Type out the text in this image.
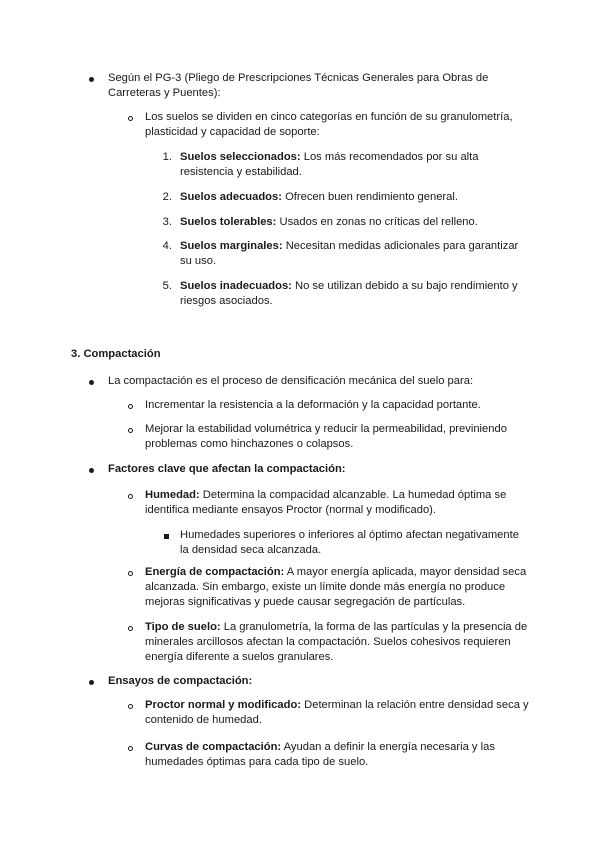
Según el PG-3 (Pliego de Prescripciones Técnicas Generales para Obras de Carreteras y Puentes):
Los suelos se dividen en cinco categorías en función de su granulometría, plasticidad y capacidad de soporte:
1. Suelos seleccionados: Los más recomendados por su alta resistencia y estabilidad.
2. Suelos adecuados: Ofrecen buen rendimiento general.
3. Suelos tolerables: Usados en zonas no críticas del relleno.
4. Suelos marginales: Necesitan medidas adicionales para garantizar su uso.
5. Suelos inadecuados: No se utilizan debido a su bajo rendimiento y riesgos asociados.
3. Compactación
La compactación es el proceso de densificación mecánica del suelo para:
Incrementar la resistencia a la deformación y la capacidad portante.
Mejorar la estabilidad volumétrica y reducir la permeabilidad, previniendo problemas como hinchazones o colapsos.
Factores clave que afectan la compactación:
Humedad: Determina la compacidad alcanzable. La humedad óptima se identifica mediante ensayos Proctor (normal y modificado).
Humedades superiores o inferiores al óptimo afectan negativamente la densidad seca alcanzada.
Energía de compactación: A mayor energía aplicada, mayor densidad seca alcanzada. Sin embargo, existe un límite donde más energía no produce mejoras significativas y puede causar segregación de partículas.
Tipo de suelo: La granulometría, la forma de las partículas y la presencia de minerales arcillosos afectan la compactación. Suelos cohesivos requieren energía diferente a suelos granulares.
Ensayos de compactación:
Proctor normal y modificado: Determinan la relación entre densidad seca y contenido de humedad.
Curvas de compactación: Ayudan a definir la energía necesaria y las humedades óptimas para cada tipo de suelo.
